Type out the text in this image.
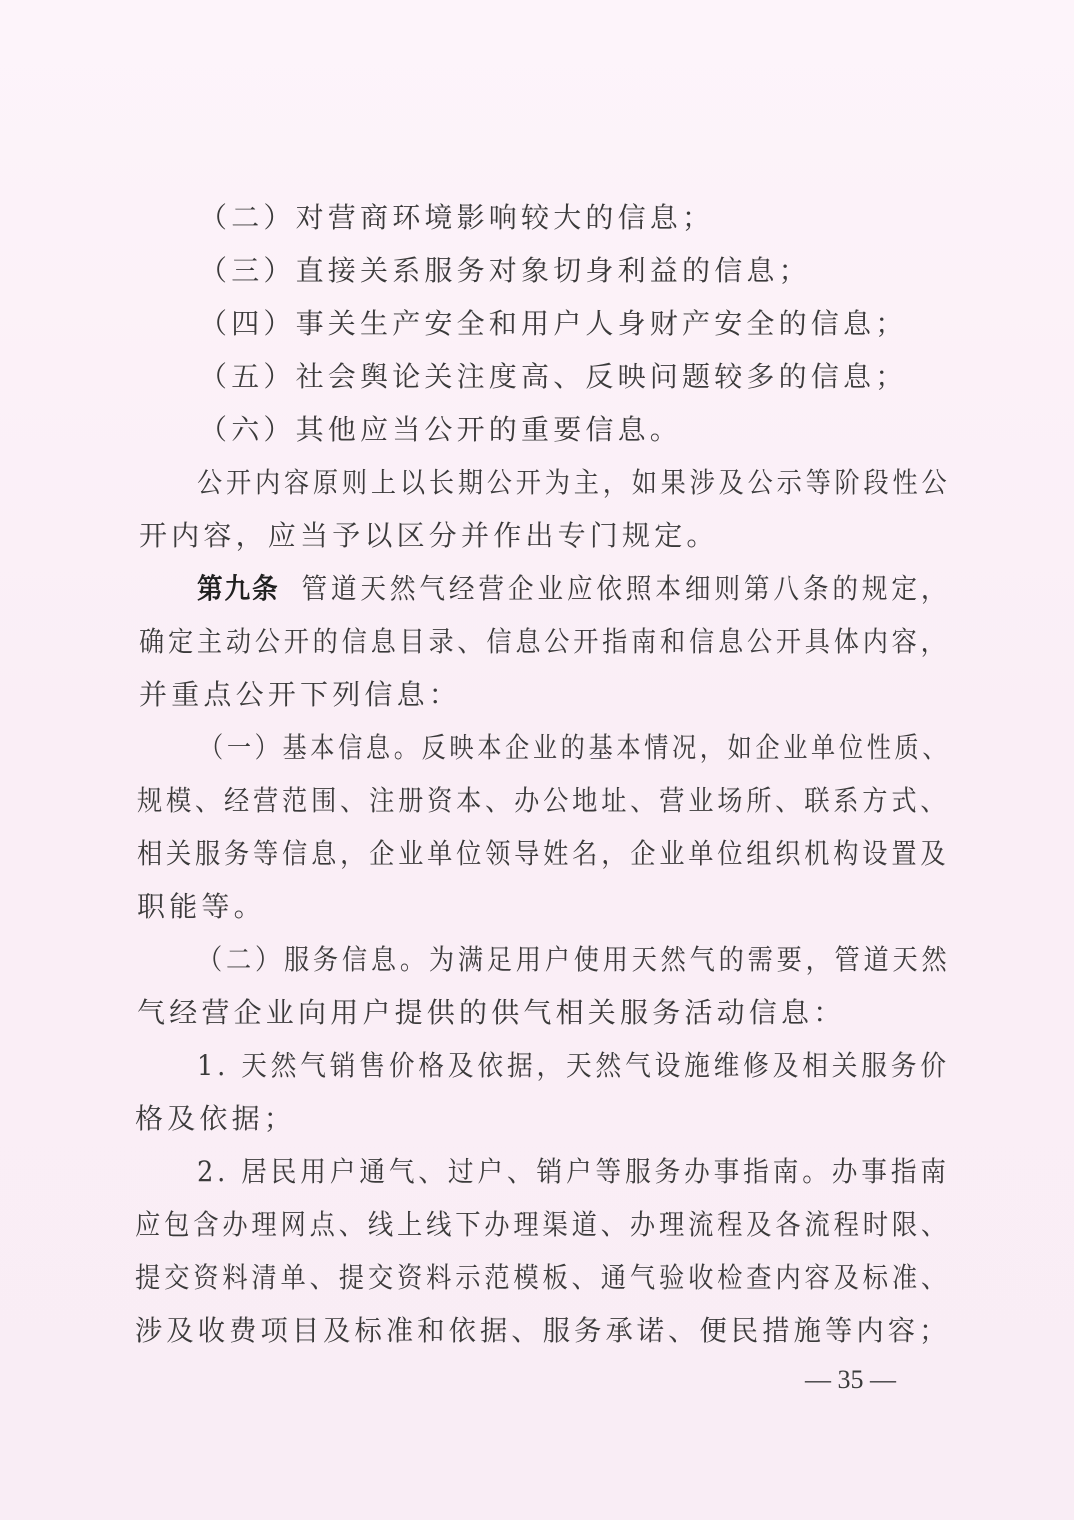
（二）对营商环境影响较大的信息；
（三）直接关系服务对象切身利益的信息；
（四）事关生产安全和用户人身财产安全的信息；
（五）社会舆论关注度高、反映问题较多的信息；
（六）其他应当公开的重要信息。
公开内容原则上以长期公开为主，如果涉及公示等阶段性公
开内容，应当予以区分并作出专门规定。
第九条 管道天然气经营企业应依照本细则第八条的规定，
确定主动公开的信息目录、信息公开指南和信息公开具体内容，
并重点公开下列信息：
（一）基本信息。反映本企业的基本情况，如企业单位性质、
规模、经营范围、注册资本、办公地址、营业场所、联系方式、
相关服务等信息，企业单位领导姓名，企业单位组织机构设置及
职能等。
（二）服务信息。为满足用户使用天然气的需要，管道天然
气经营企业向用户提供的供气相关服务活动信息：
1. 天然气销售价格及依据，天然气设施维修及相关服务价
格及依据；
2. 居民用户通气、过户、销户等服务办事指南。办事指南
应包含办理网点、线上线下办理渠道、办理流程及各流程时限、
提交资料清单、提交资料示范模板、通气验收检查内容及标准、
涉及收费项目及标准和依据、服务承诺、便民措施等内容；
— 35 —
